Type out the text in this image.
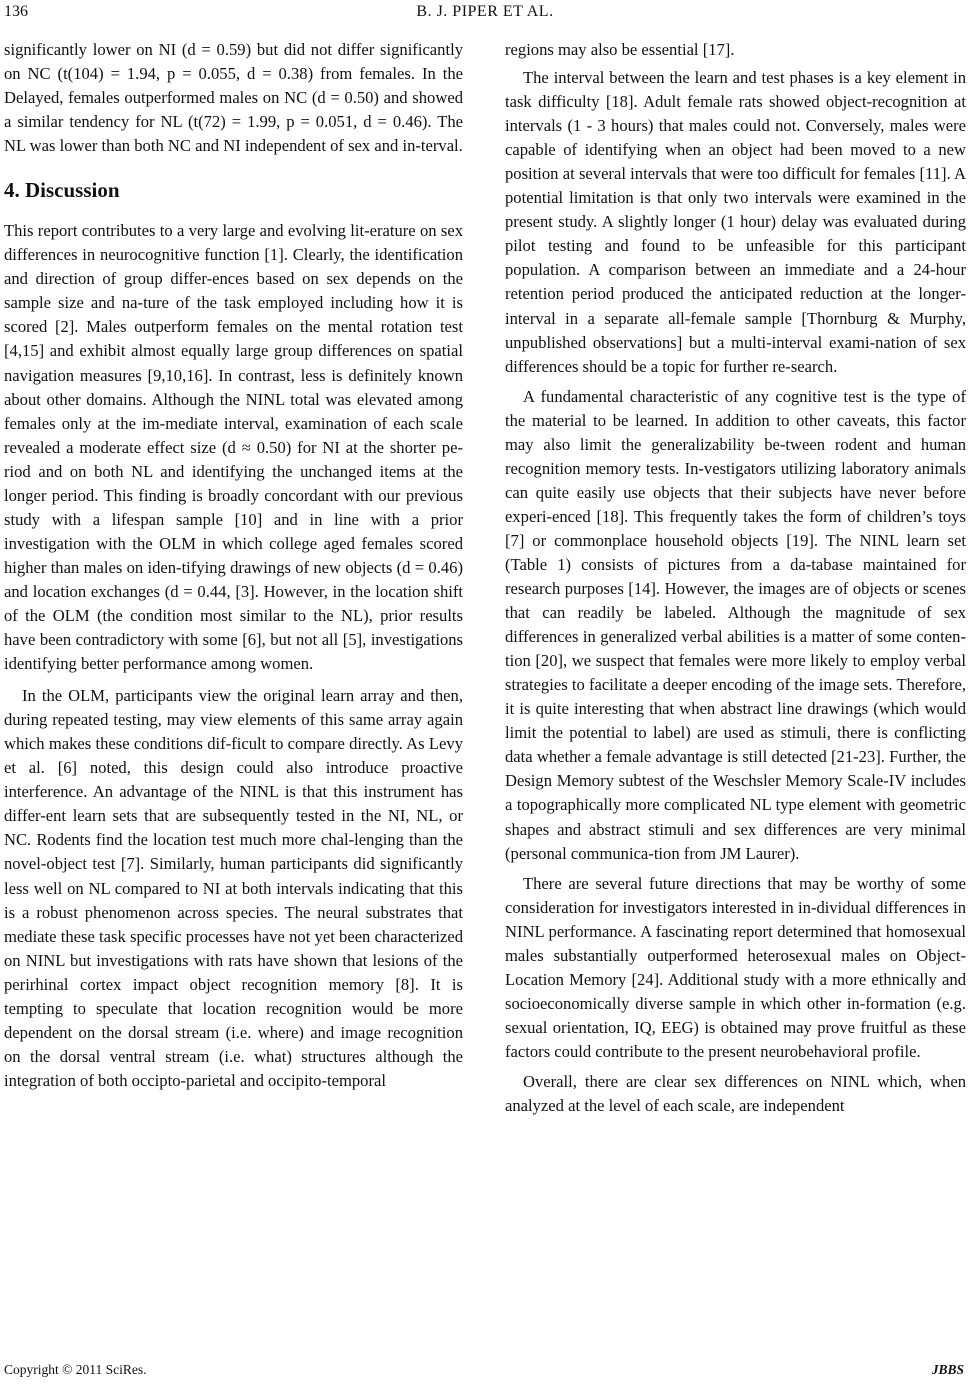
136	B. J. PIPER ET AL.

significantly lower on NI (d = 0.59) but did not differ significantly on NC (t(104) = 1.94, p = 0.055, d = 0.38) from females. In the Delayed, females outperformed males on NC (d = 0.50) and showed a similar tendency for NL (t(72) = 1.99, p = 0.051, d = 0.46). The NL was lower than both NC and NI independent of sex and in-terval.

4. Discussion

This report contributes to a very large and evolving lit-erature on sex differences in neurocognitive function [1]. Clearly, the identification and direction of group differ-ences based on sex depends on the sample size and na-ture of the task employed including how it is scored [2]. Males outperform females on the mental rotation test [4,15] and exhibit almost equally large group differences on spatial navigation measures [9,10,16]. In contrast, less is definitely known about other domains. Although the NINL total was elevated among females only at the im-mediate interval, examination of each scale revealed a moderate effect size (d ≈ 0.50) for NI at the shorter pe-riod and on both NL and identifying the unchanged items at the longer period. This finding is broadly concordant with our previous study with a lifespan sample [10] and in line with a prior investigation with the OLM in which college aged females scored higher than males on iden-tifying drawings of new objects (d = 0.46) and location exchanges (d = 0.44, [3]. However, in the location shift of the OLM (the condition most similar to the NL), prior results have been contradictory with some [6], but not all [5], investigations identifying better performance among women.

In the OLM, participants view the original learn array and then, during repeated testing, may view elements of this same array again which makes these conditions dif-ficult to compare directly. As Levy et al. [6] noted, this design could also introduce proactive interference. An advantage of the NINL is that this instrument has differ-ent learn sets that are subsequently tested in the NI, NL, or NC. Rodents find the location test much more chal-lenging than the novel-object test [7]. Similarly, human participants did significantly less well on NL compared to NI at both intervals indicating that this is a robust phenomenon across species. The neural substrates that mediate these task specific processes have not yet been characterized on NINL but investigations with rats have shown that lesions of the perirhinal cortex impact object recognition memory [8]. It is tempting to speculate that location recognition would be more dependent on the dorsal stream (i.e. where) and image recognition on the dorsal ventral stream (i.e. what) structures although the integration of both occipto-parietal and occipito-temporal

regions may also be essential [17].

The interval between the learn and test phases is a key element in task difficulty [18]. Adult female rats showed object-recognition at intervals (1 - 3 hours) that males could not. Conversely, males were capable of identifying when an object had been moved to a new position at several intervals that were too difficult for females [11]. A potential limitation is that only two intervals were examined in the present study. A slightly longer (1 hour) delay was evaluated during pilot testing and found to be unfeasible for this participant population. A comparison between an immediate and a 24-hour retention period produced the anticipated reduction at the longer-interval in a separate all-female sample [Thornburg & Murphy, unpublished observations] but a multi-interval exami-nation of sex differences should be a topic for further re-search.

A fundamental characteristic of any cognitive test is the type of the material to be learned. In addition to other caveats, this factor may also limit the generalizability be-tween rodent and human recognition memory tests. In-vestigators utilizing laboratory animals can quite easily use objects that their subjects have never before experi-enced [18]. This frequently takes the form of children’s toys [7] or commonplace household objects [19]. The NINL learn set (Table 1) consists of pictures from a da-tabase maintained for research purposes [14]. However, the images are of objects or scenes that can readily be labeled. Although the magnitude of sex differences in generalized verbal abilities is a matter of some conten-tion [20], we suspect that females were more likely to employ verbal strategies to facilitate a deeper encoding of the image sets. Therefore, it is quite interesting that when abstract line drawings (which would limit the potential to label) are used as stimuli, there is conflicting data whether a female advantage is still detected [21-23]. Further, the Design Memory subtest of the Weschsler Memory Scale-IV includes a topographically more complicated NL type element with geometric shapes and abstract stimuli and sex differences are very minimal (personal communica-tion from JM Laurer).

There are several future directions that may be worthy of some consideration for investigators interested in in-dividual differences in NINL performance. A fascinating report determined that homosexual males substantially outperformed heterosexual males on Object-Location Memory [24]. Additional study with a more ethnically and socioeconomically diverse sample in which other in-formation (e.g. sexual orientation, IQ, EEG) is obtained may prove fruitful as these factors could contribute to the present neurobehavioral profile.

Overall, there are clear sex differences on NINL which, when analyzed at the level of each scale, are independent

Copyright © 2011 SciRes.	JBBS
